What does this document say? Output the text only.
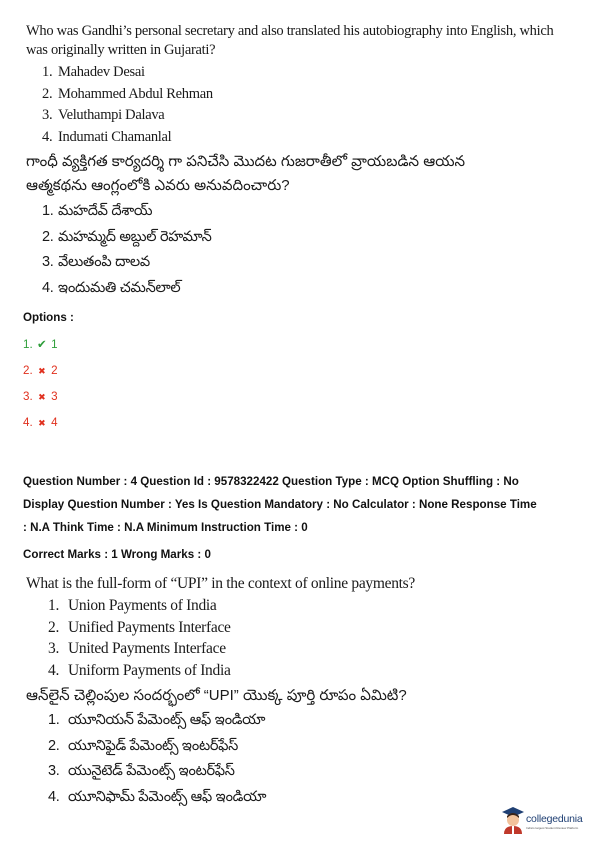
Who was Gandhi’s personal secretary and also translated his autobiography into English, which
was originally written in Gujarati?
1. Mahadev Desai
2. Mohammed Abdul Rehman
3. Veluthampi Dalava
4. Indumati Chamanlal
గాంధీ వ్యక్తిగత కార్యదర్శి గా పనిచేసి మొదట గుజరాతీలో వ్రాయబడిన ఆయన
ఆత్మకథను ఆంగ్లంలోకి ఎవరు అనువదించారు?
1. మహదేవ్ దేశాయ్
2. మహమ్మద్ అబ్దుల్ రెహమాన్
3. వేలుతంపి దాలవ
4. ఇందుమతి చమన్‌లాల్
Options :
1. ✔ 1
2. ✖ 2
3. ✖ 3
4. ✖ 4
Question Number : 4 Question Id : 9578322422 Question Type : MCQ Option Shuffling : No
Display Question Number : Yes Is Question Mandatory : No Calculator : None Response Time
: N.A Think Time : N.A Minimum Instruction Time : 0
Correct Marks : 1 Wrong Marks : 0
What is the full-form of “UPI” in the context of online payments?
1. Union Payments of India
2. Unified Payments Interface
3. United Payments Interface
4. Uniform Payments of India
ఆన్‌లైన్ చెల్లింపుల సందర్భంలో “UPI” యొక్క పూర్తి రూపం ఏమిటి?
1. యూనియన్ పేమెంట్స్ ఆఫ్ ఇండియా
2. యూనిఫైడ్ పేమెంట్స్ ఇంటర్‌ఫేస్
3. యునైటెడ్ పేమెంట్స్ ఇంటర్‌ఫేస్
4. యూనిఫామ్ పేమెంట్స్ ఆఫ్ ఇండియా
collegedunia
India's largest Student Review Platform
